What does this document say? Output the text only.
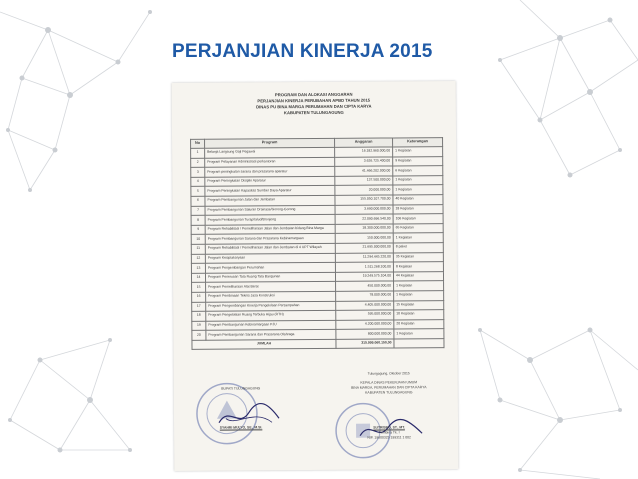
PERJANJIAN KINERJA 2015
PROGRAM DAN ALOKASI ANGGARAN
PERJANJIAN KINERJA PERUBAHAN APBD TAHUN 2015
DINAS PU BINA MARGA PERUMAHAN DAN CIPTA KARYA
KABUPATEN TULUNGAGUNG
No	Program	Anggaran	Keterangan
1	Belanja Langsung Gaji Pegawai	16.182.960.000,00	1 Kegiatan
2	Program Pelayanan Administrasi perkantoran	3.626.725.400,00	9 Kegiatan
3	Program peningkatan sarana dan prasarana aparatur	41.466.202.000,00	6 Kegiatan
4	Program Peningkatan Disiplin Aparatur	137.500.000,00	1 Kegiatan
5	Program Peningkatan Kapasitas Sumber Daya Aparatur	20.000.000,00	1 Kegiatan
6	Program Pembangunan Jalan dan Jembatan	155.050.107.700,00	40 Kegiatan
7	Program Pembangunan Saluran Drainase/Gorong-Gorong	3.690.000.000,00	18 Kegiatan
8	Program Pembangunan Turap/talud/Bronjong	22.090.696.540,00	106 Kegiatan
9	Program Rehabilitasi / Pemeliharaan Jalan dan Jembatan bidang Bina Marga	18.300.000.000,00	65 Kegiatan
10	Program Pembangunan Sarana dan Prasarana Kebinamargaan	150.000.000,00	1 Kegiatan
11	Program Rehabilitasi / Pemeliharaan Jalan dan Jembatan di 4 UPT Wilayah	21.695.000.000,00	8 paket
12	Program Keciptakaryaan	11.294.445.220,00	35 Kegiatan
13	Program Pengembangan Perumahan	1.511.268.100,00	8 Kegiatan
14	Program Penerusan Tata Ruang Tata Bangunan	19.249.575.104,00	44 Kegiatan
15	Program Pemeliharaan Alat Berat	450.000.000,00	1 Kegiatan
16	Program Pembinaan Teknis Jasa Konstruksi	78.000.000,00	1 Kegiatan
17	Program Pengembangan Kinerja Pengelolaan Persampahan	4.405.000.000,00	15 Kegiatan
18	Program Pengelolaan Ruang Terbuka Hijau (RTH)	595.000.000,00	10 Kegiatan
19	Program Pembangunan Kebinamargaan PJU	4.200.000.000,00	20 Kegiatan
20	Program Pembangunan Sarana dan Prasarana Olahraga	800.000.000,00	1 Kegiatan
JUMLAH		315.999.060.150,00	
BUPATI TULUNGAGUNG
SYAHRI MULYO, SE., M.SI.
Tulungagung, Oktober 2015
KEPALA DINAS PEKERJAAN UMUM
BINA MARGA, PERUMAHAN DAN CIPTA KARYA
KABUPATEN TULUNGAGUNG
SUTRISNO, ST., MT.
Pembina Tk. I
NIP. 19600325 199311 1 002
